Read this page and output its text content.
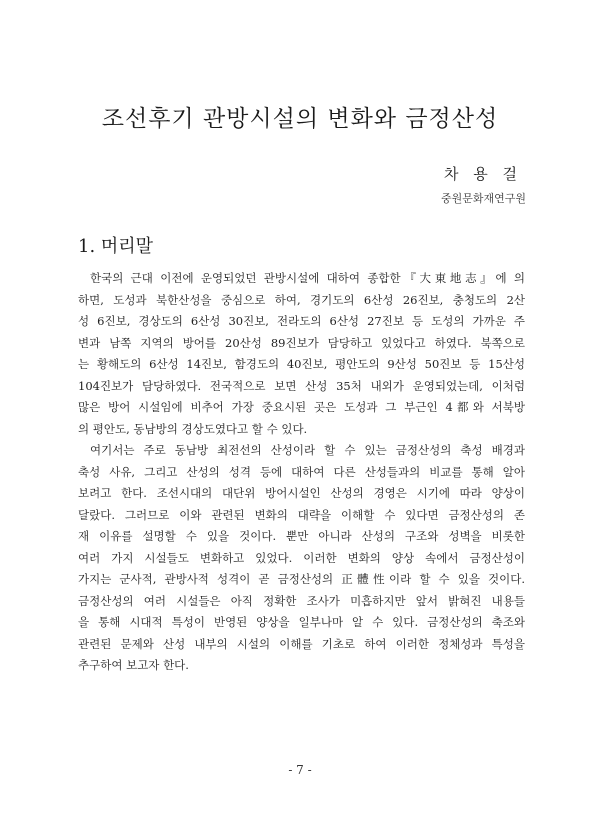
조선후기 관방시설의 변화와 금정산성
차 용 걸
중원문화재연구원
1. 머리말
한국의 근대 이전에 운영되었던 관방시설에 대하여 종합한『大東地志』에 의
하면, 도성과 북한산성을 중심으로 하여, 경기도의 6산성 26진보, 충청도의 2산
성 6진보, 경상도의 6산성 30진보, 전라도의 6산성 27진보 등 도성의 가까운 주
변과 남쪽 지역의 방어를 20산성 89진보가 담당하고 있었다고 하였다. 북쪽으로
는 황해도의 6산성 14진보, 함경도의 40진보, 평안도의 9산성 50진보 등 15산성
104진보가 담당하였다. 전국적으로 보면 산성 35처 내외가 운영되었는데, 이처럼
많은 방어 시설임에 비추어 가장 중요시된 곳은 도성과 그 부근인 4都와 서북방
의 평안도, 동남방의 경상도였다고 할 수 있다.
여기서는 주로 동남방 최전선의 산성이라 할 수 있는 금정산성의 축성 배경과
축성 사유, 그리고 산성의 성격 등에 대하여 다른 산성들과의 비교를 통해 알아
보려고 한다. 조선시대의 대단위 방어시설인 산성의 경영은 시기에 따라 양상이
달랐다. 그러므로 이와 관련된 변화의 대략을 이해할 수 있다면 금정산성의 존
재 이유를 설명할 수 있을 것이다. 뿐만 아니라 산성의 구조와 성벽을 비롯한
여러 가지 시설들도 변화하고 있었다. 이러한 변화의 양상 속에서 금정산성이
가지는 군사적, 관방사적 성격이 곧 금정산성의 正體性이라 할 수 있을 것이다.
금정산성의 여러 시설들은 아직 정확한 조사가 미흡하지만 앞서 밝혀진 내용들
을 통해 시대적 특성이 반영된 양상을 일부나마 알 수 있다. 금정산성의 축조와
관련된 문제와 산성 내부의 시설의 이해를 기초로 하여 이러한 정체성과 특성을
추구하여 보고자 한다.
- 7 -
